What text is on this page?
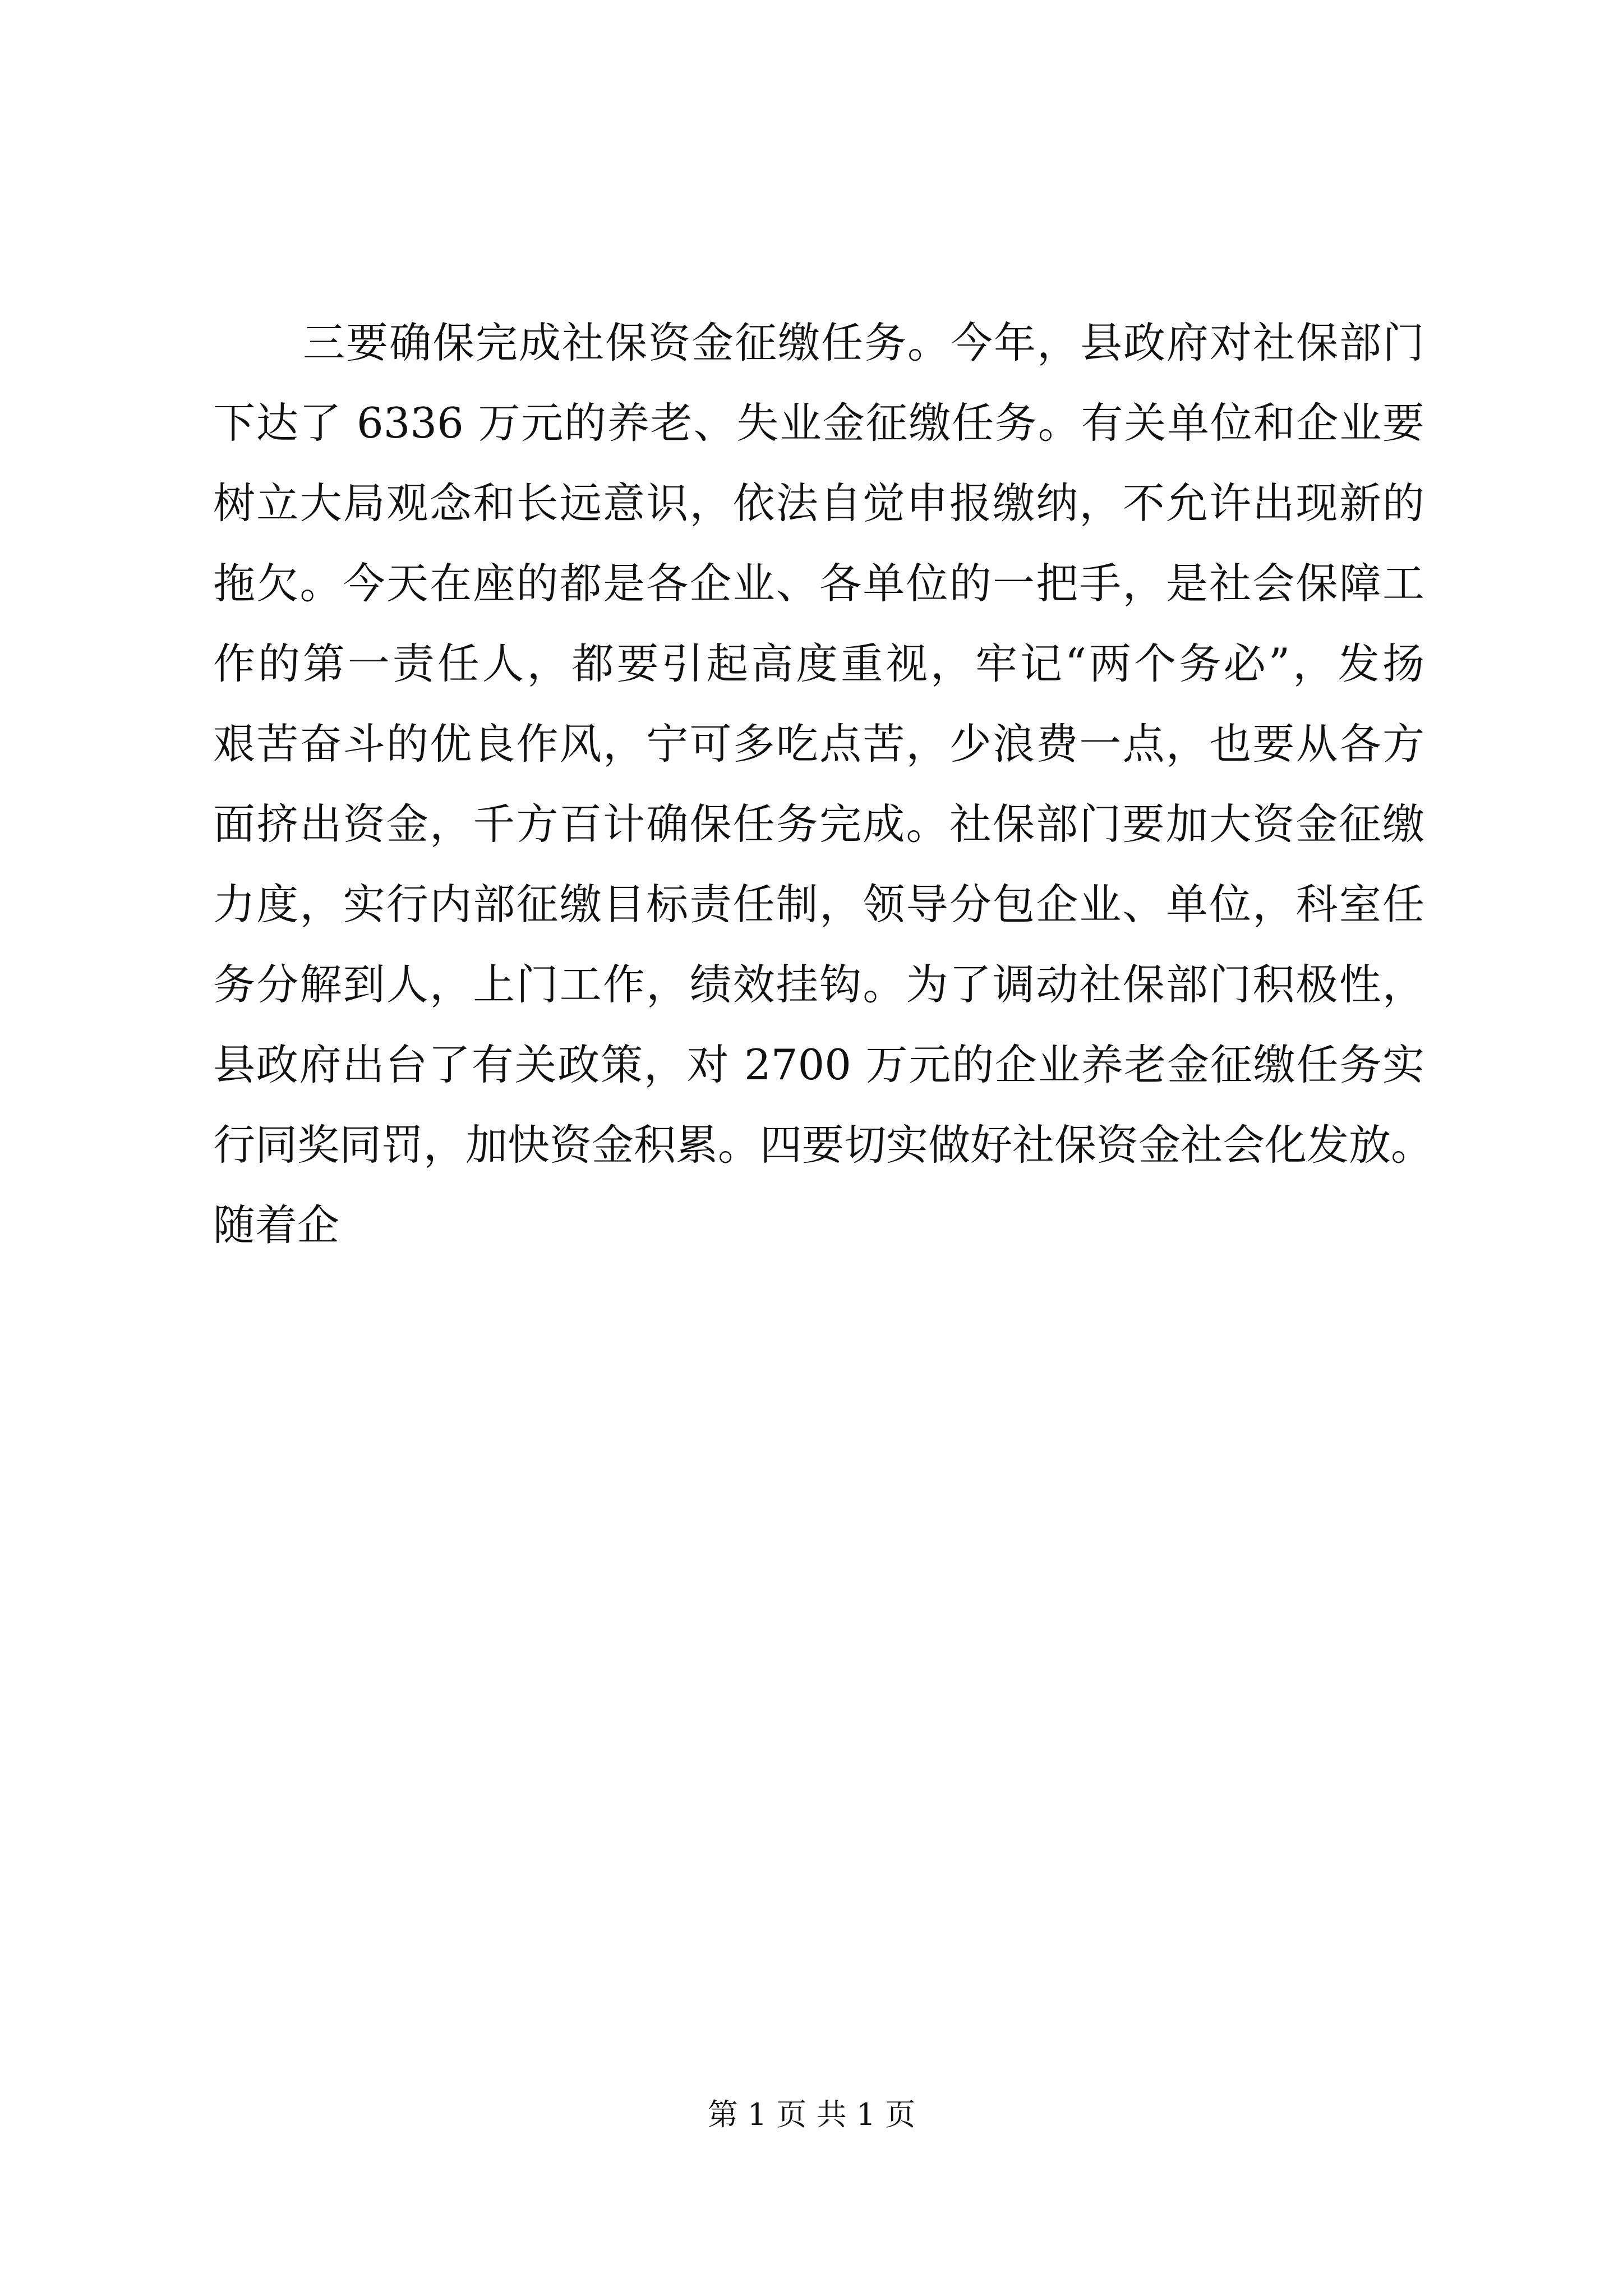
三要确保完成社保资金征缴任务。今年，县政府对社保部门
下达了 6336 万元的养老、失业金征缴任务。有关单位和企业要
树立大局观念和长远意识，依法自觉申报缴纳，不允许出现新的
拖欠。今天在座的都是各企业、各单位的一把手，是社会保障工
作的第一责任人，都要引起高度重视，牢记“两个务必”，发扬
艰苦奋斗的优良作风，宁可多吃点苦，少浪费一点，也要从各方
面挤出资金，千方百计确保任务完成。社保部门要加大资金征缴
力度，实行内部征缴目标责任制，领导分包企业、单位，科室任
务分解到人，上门工作，绩效挂钩。为了调动社保部门积极性，
县政府出台了有关政策，对 2700 万元的企业养老金征缴任务实
行同奖同罚，加快资金积累。四要切实做好社保资金社会化发放。
随着企
第 1 页 共 1 页
